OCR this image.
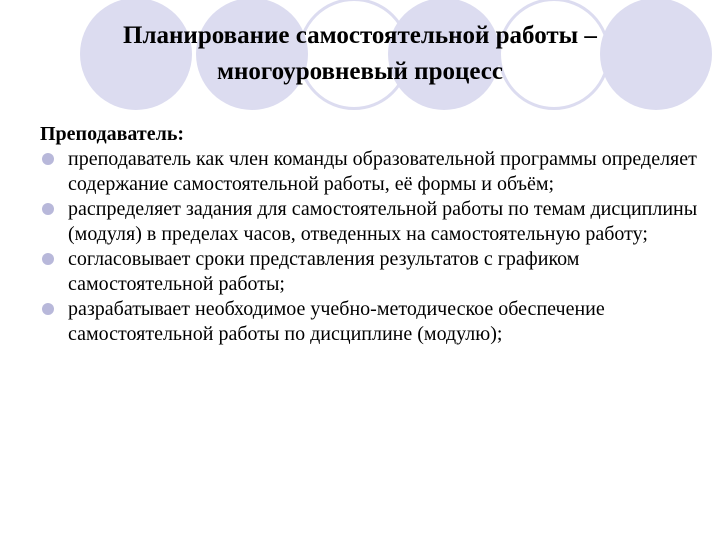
Планирование самостоятельной работы –
многоуровневый процесс
Преподаватель:
преподаватель как член команды образовательной программы определяет содержание самостоятельной работы, её формы и объём;
распределяет задания для самостоятельной работы по темам дисциплины (модуля) в пределах часов, отведенных на самостоятельную работу;
согласовывает сроки представления результатов с графиком самостоятельной работы;
разрабатывает необходимое учебно-методическое обеспечение самостоятельной работы по дисциплине (модулю);
